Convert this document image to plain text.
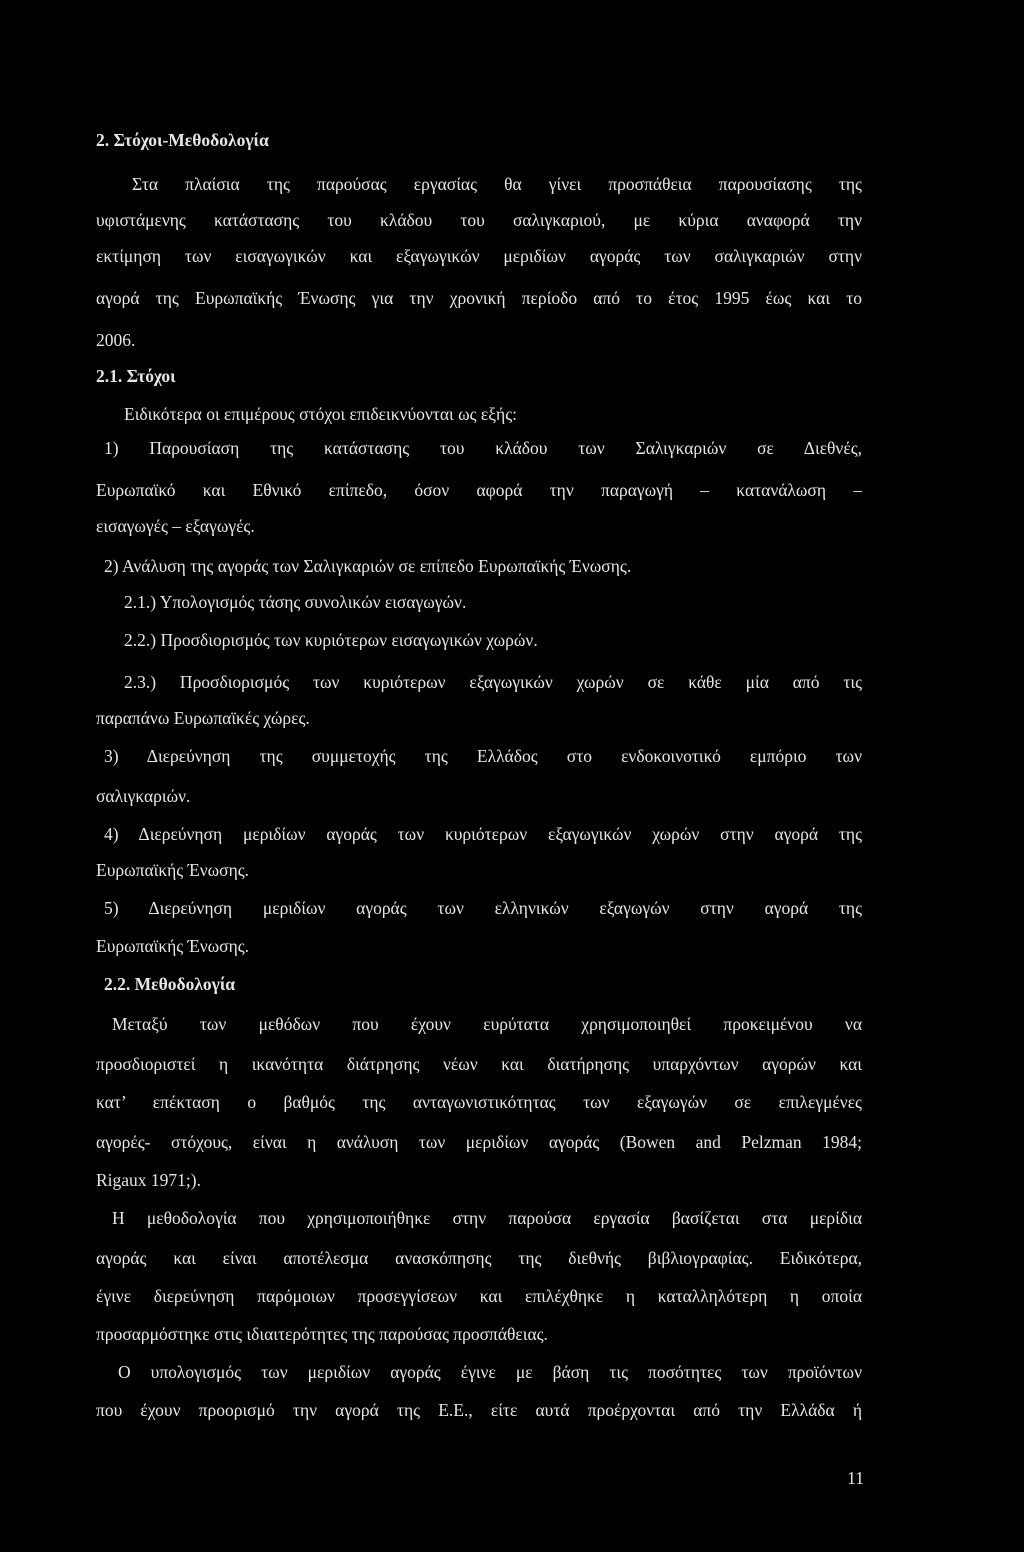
2. Στόχοι-Μεθοδολογία

Στα πλαίσια της παρούσας εργασίας θα γίνει προσπάθεια παρουσίασης της

υφιστάμενης κατάστασης του κλάδου του σαλιγκαριού, με κύρια αναφορά την

εκτίμηση των εισαγωγικών και εξαγωγικών μεριδίων αγοράς των σαλιγκαριών στην

αγορά της Ευρωπαϊκής Ένωσης για την χρονική περίοδο από το έτος 1995 έως και το

2006.

2.1. Στόχοι

Ειδικότερα οι επιμέρους στόχοι επιδεικνύονται ως εξής:

1) Παρουσίαση της κατάστασης του κλάδου των Σαλιγκαριών σε Διεθνές,

Ευρωπαϊκό και Εθνικό επίπεδο, όσον αφορά την παραγωγή – κατανάλωση –

εισαγωγές – εξαγωγές.

2) Ανάλυση της αγοράς των Σαλιγκαριών σε επίπεδο Ευρωπαϊκής Ένωσης.

2.1.) Υπολογισμός τάσης συνολικών εισαγωγών.

2.2.) Προσδιορισμός των κυριότερων εισαγωγικών χωρών.

2.3.) Προσδιορισμός των κυριότερων εξαγωγικών χωρών σε κάθε μία από τις

παραπάνω Ευρωπαϊκές χώρες.

3) Διερεύνηση της συμμετοχής της Ελλάδος στο ενδοκοινοτικό εμπόριο των

σαλιγκαριών.

4) Διερεύνηση μεριδίων αγοράς των κυριότερων εξαγωγικών χωρών στην αγορά της

Ευρωπαϊκής Ένωσης.

5) Διερεύνηση μεριδίων αγοράς των ελληνικών εξαγωγών στην αγορά της

Ευρωπαϊκής Ένωσης.

2.2. Μεθοδολογία

Μεταξύ των μεθόδων που έχουν ευρύτατα χρησιμοποιηθεί προκειμένου να

προσδιοριστεί η ικανότητα διάτρησης νέων και διατήρησης υπαρχόντων αγορών και

κατ’ επέκταση ο βαθμός της ανταγωνιστικότητας των εξαγωγών σε επιλεγμένες

αγορές- στόχους, είναι η ανάλυση των μεριδίων αγοράς (Bowen and Pelzman 1984;

Rigaux 1971;).

Η μεθοδολογία που χρησιμοποιήθηκε στην παρούσα εργασία βασίζεται στα μερίδια

αγοράς και είναι αποτέλεσμα ανασκόπησης της διεθνής βιβλιογραφίας. Ειδικότερα,

έγινε διερεύνηση παρόμοιων προσεγγίσεων και επιλέχθηκε η καταλληλότερη η οποία

προσαρμόστηκε στις ιδιαιτερότητες της παρούσας προσπάθειας.

Ο υπολογισμός των μεριδίων αγοράς έγινε με βάση τις ποσότητες των προϊόντων

που έχουν προορισμό την αγορά της Ε.Ε., είτε αυτά προέρχονται από την Ελλάδα ή

11
